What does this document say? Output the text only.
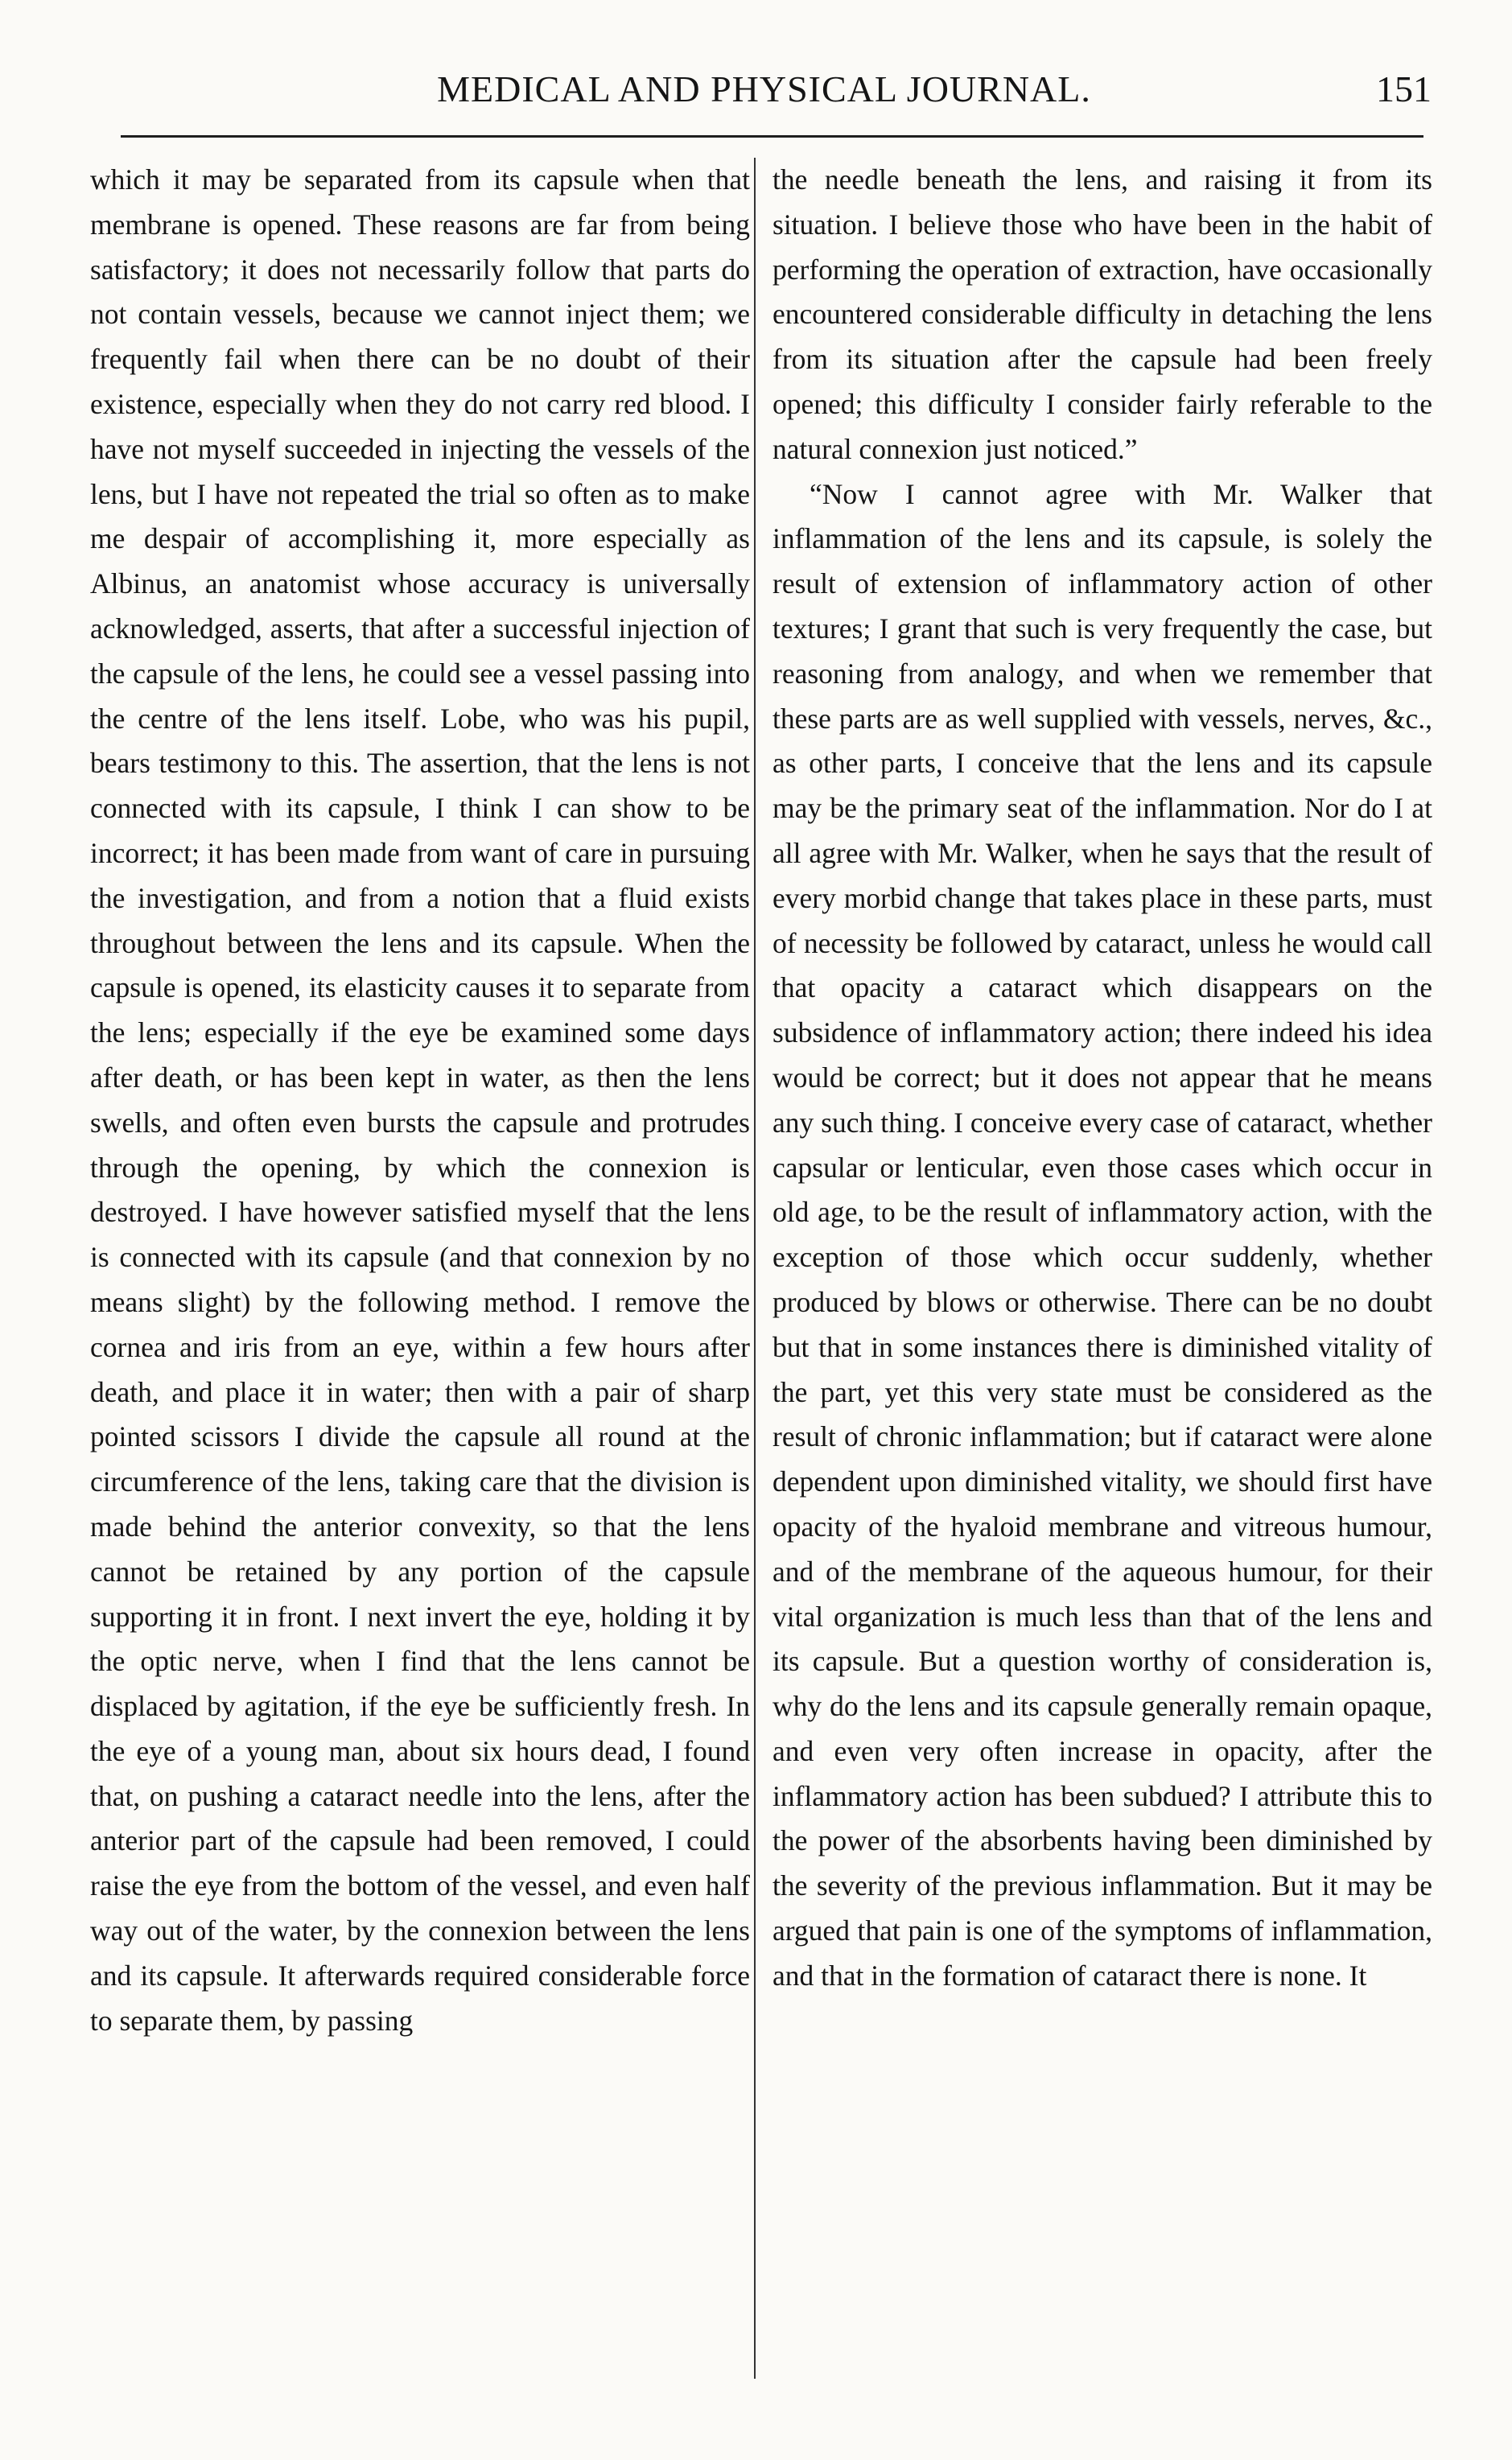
MEDICAL AND PHYSICAL JOURNAL.	151

which it may be separated from its capsule when that membrane is opened. These reasons are far from being satisfactory; it does not necessarily follow that parts do not contain vessels, because we cannot inject them; we frequently fail when there can be no doubt of their existence, especially when they do not carry red blood. I have not myself succeeded in injecting the vessels of the lens, but I have not repeated the trial so often as to make me despair of accomplishing it, more especially as Albinus, an anatomist whose accuracy is universally acknowledged, asserts, that after a successful injection of the capsule of the lens, he could see a vessel passing into the centre of the lens itself. Lobe, who was his pupil, bears testimony to this. The assertion, that the lens is not connected with its capsule, I think I can show to be incorrect; it has been made from want of care in pursuing the investigation, and from a notion that a fluid exists throughout between the lens and its capsule. When the capsule is opened, its elasticity causes it to separate from the lens; especially if the eye be examined some days after death, or has been kept in water, as then the lens swells, and often even bursts the capsule and protrudes through the opening, by which the connexion is destroyed. I have however satisfied myself that the lens is connected with its capsule (and that connexion by no means slight) by the following method. I remove the cornea and iris from an eye, within a few hours after death, and place it in water; then with a pair of sharp pointed scissors I divide the capsule all round at the circumference of the lens, taking care that the division is made behind the anterior convexity, so that the lens cannot be retained by any portion of the capsule supporting it in front. I next invert the eye, holding it by the optic nerve, when I find that the lens cannot be displaced by agitation, if the eye be sufficiently fresh. In the eye of a young man, about six hours dead, I found that, on pushing a cataract needle into the lens, after the anterior part of the capsule had been removed, I could raise the eye from the bottom of the vessel, and even half way out of the water, by the connexion between the lens and its capsule. It afterwards required considerable force to separate them, by passing

the needle beneath the lens, and raising it from its situation. I believe those who have been in the habit of performing the operation of extraction, have occasionally encountered considerable difficulty in detaching the lens from its situation after the capsule had been freely opened; this difficulty I consider fairly referable to the natural connexion just noticed.”

“Now I cannot agree with Mr. Walker that inflammation of the lens and its capsule, is solely the result of extension of inflammatory action of other textures; I grant that such is very frequently the case, but reasoning from analogy, and when we remember that these parts are as well supplied with vessels, nerves, &c., as other parts, I conceive that the lens and its capsule may be the primary seat of the inflammation. Nor do I at all agree with Mr. Walker, when he says that the result of every morbid change that takes place in these parts, must of necessity be followed by cataract, unless he would call that opacity a cataract which disappears on the subsidence of inflammatory action; there indeed his idea would be correct; but it does not appear that he means any such thing. I conceive every case of cataract, whether capsular or lenticular, even those cases which occur in old age, to be the result of inflammatory action, with the exception of those which occur suddenly, whether produced by blows or otherwise. There can be no doubt but that in some instances there is diminished vitality of the part, yet this very state must be considered as the result of chronic inflammation; but if cataract were alone dependent upon diminished vitality, we should first have opacity of the hyaloid membrane and vitreous humour, and of the membrane of the aqueous humour, for their vital organization is much less than that of the lens and its capsule. But a question worthy of consideration is, why do the lens and its capsule generally remain opaque, and even very often increase in opacity, after the inflammatory action has been subdued? I attribute this to the power of the absorbents having been diminished by the severity of the previous inflammation. But it may be argued that pain is one of the symptoms of inflammation, and that in the formation of cataract there is none. It
